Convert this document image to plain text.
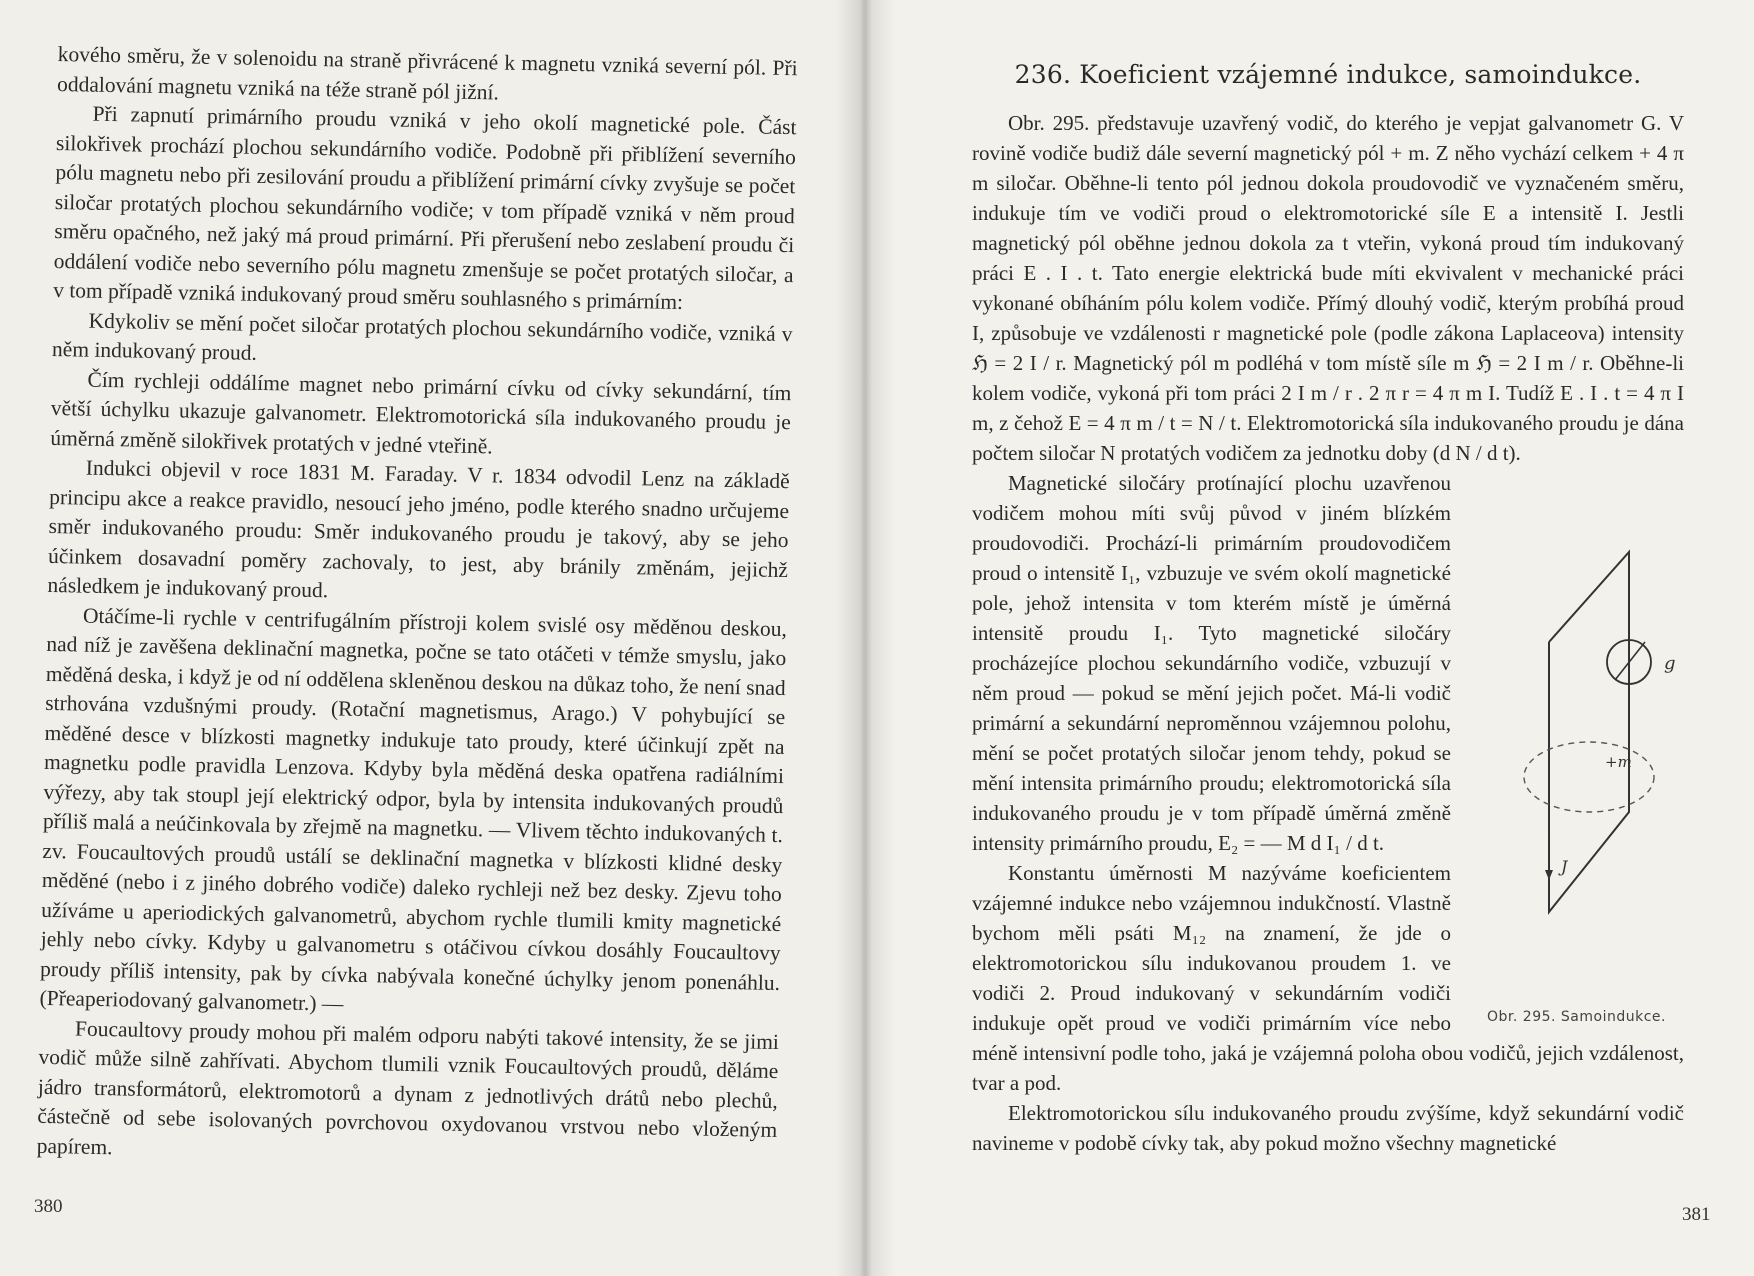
kového směru, že v solenoidu na straně přivrácené k magnetu vzniká severní pól. Při oddalování magnetu vzniká na téže straně pól jižní.

Při zapnutí primárního proudu vzniká v jeho okolí magnetické pole. Část silokřivek prochází plochou sekundárního vodiče. Podobně při přiblížení severního pólu magnetu nebo při zesilování proudu a přiblížení primární cívky zvyšuje se počet siločar protatých plochou sekundárního vodiče; v tom případě vzniká v něm proud směru opačného, než jaký má proud primární. Při přerušení nebo zeslabení proudu či oddálení vodiče nebo severního pólu magnetu zmenšuje se počet protatých siločar, a v tom případě vzniká indukovaný proud směru souhlasného s primárním:

Kdykoliv se mění počet siločar protatých plochou sekundárního vodiče, vzniká v něm indukovaný proud.

Čím rychleji oddálíme magnet nebo primární cívku od cívky sekundární, tím větší úchylku ukazuje galvanometr. Elektromotorická síla indukovaného proudu je úměrná změně silokřivek protatých v jedné vteřině.

Indukci objevil v roce 1831 M. Faraday. V r. 1834 odvodil Lenz na základě principu akce a reakce pravidlo, nesoucí jeho jméno, podle kterého snadno určujeme směr indukovaného proudu: Směr indukovaného proudu je takový, aby se jeho účinkem dosavadní poměry zachovaly, to jest, aby bránily změnám, jejichž následkem je indukovaný proud.

Otáčíme-li rychle v centrifugálním přístroji kolem svislé osy měděnou deskou, nad níž je zavěšena deklinační magnetka, počne se tato otáčeti v témže smyslu, jako měděná deska, i když je od ní oddělena skleněnou deskou na důkaz toho, že není snad strhována vzdušnými proudy. (Rotační magnetismus, Arago.) V pohybující se měděné desce v blízkosti magnetky indukuje tato proudy, které účinkují zpět na magnetku podle pravidla Lenzova. Kdyby byla měděná deska opatřena radiálními výřezy, aby tak stoupl její elektrický odpor, byla by intensita indukovaných proudů příliš malá a neúčinkovala by zřejmě na magnetku. — Vlivem těchto indukovaných t. zv. Foucaultových proudů ustálí se deklinační magnetka v blízkosti klidné desky měděné (nebo i z jiného dobrého vodiče) daleko rychleji než bez desky. Zjevu toho užíváme u aperiodických galvanometrů, abychom rychle tlumili kmity magnetické jehly nebo cívky. Kdyby u galvanometru s otáčivou cívkou dosáhly Foucaultovy proudy příliš intensity, pak by cívka nabývala konečné úchylky jenom ponenáhlu. (Přeaperiodovaný galvanometr.) —

Foucaultovy proudy mohou při malém odporu nabýti takové intensity, že se jimi vodič může silně zahřívati. Abychom tlumili vznik Foucaultových proudů, děláme jádro transformátorů, elektromotorů a dynam z jednotlivých drátů nebo plechů, částečně od sebe isolovaných povrchovou oxydovanou vrstvou nebo vloženým papírem.

380
236. Koeficient vzájemné indukce, samoindukce.

Obr. 295. představuje uzavřený vodič, do kterého je vepjat galvanometr G. V rovině vodiče budiž dále severní magnetický pól + m. Z něho vychází celkem + 4 π m siločar. Oběhne-li tento pól jednou dokola proudovodič ve vyznačeném směru, indukuje tím ve vodiči proud o elektromotorické síle E a intensitě I. Jestli magnetický pól oběhne jednou dokola za t vteřin, vykoná proud tím indukovaný práci E . I . t. Tato energie elektrická bude míti ekvivalent v mechanické práci vykonané obíháním pólu kolem vodiče. Přímý dlouhý vodič, kterým probíhá proud I, způsobuje ve vzdálenosti r magnetické pole (podle zákona Laplaceova) intensity ℌ = 2 I / r. Magnetický pól m podléhá v tom místě síle m ℌ = 2 I m / r. Oběhne-li kolem vodiče, vykoná při tom práci 2 I m / r . 2 π r = 4 π m I. Tudíž E . I . t = 4 π I m, z čehož E = 4 π m / t = N / t. Elektromotorická síla indukovaného proudu je dána počtem siločar N protatých vodičem za jednotku doby (d N / d t).

g
+m
J
Obr. 295. Samoindukce.

Magnetické siločáry protínající plochu uzavřenou vodičem mohou míti svůj původ v jiném blízkém proudovodiči. Prochází-li primárním proudovodičem proud o intensitě I₁, vzbuzuje ve svém okolí magnetické pole, jehož intensita v tom kterém místě je úměrná intensitě proudu I₁. Tyto magnetické siločáry procházejíce plochou sekundárního vodiče, vzbuzují v něm proud — pokud se mění jejich počet. Má-li vodič primární a sekundární neproměnnou vzájemnou polohu, mění se počet protatých siločar jenom tehdy, pokud se mění intensita primárního proudu; elektromotorická síla indukovaného proudu je v tom případě úměrná změně intensity primárního proudu, E₂ = — M d I₁ / d t.

Konstantu úměrnosti M nazýváme koeficientem vzájemné indukce nebo vzájemnou indukčností. Vlastně bychom měli psáti M₁₂ na znamení, že jde o elektromotorickou sílu indukovanou proudem 1. ve vodiči 2. Proud indukovaný v sekundárním vodiči indukuje opět proud ve vodiči primárním více nebo méně intensivní podle toho, jaká je vzájemná poloha obou vodičů, jejich vzdálenost, tvar a pod.

Elektromotorickou sílu indukovaného proudu zvýšíme, když sekundární vodič navineme v podobě cívky tak, aby pokud možno všechny magnetické

381
